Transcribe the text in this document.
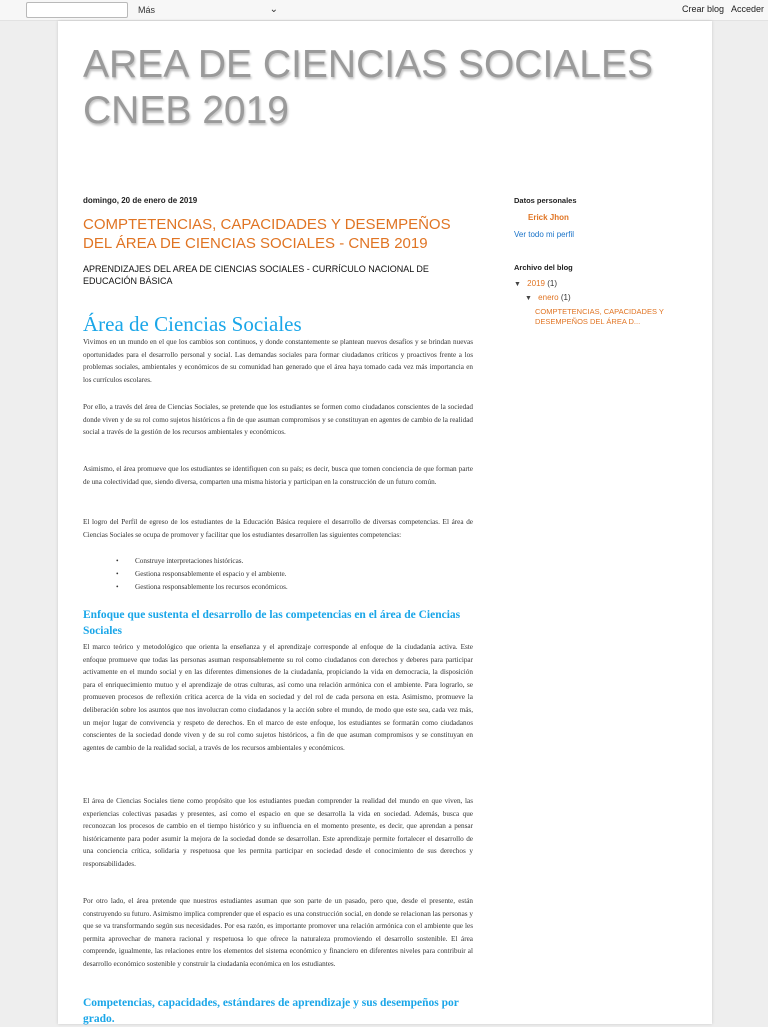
Más	⌄	Crear blog Acceder
AREA DE CIENCIAS SOCIALES CNEB 2019
domingo, 20 de enero de 2019
COMPTETENCIAS, CAPACIDADES Y DESEMPEÑOS DEL ÁREA DE CIENCIAS SOCIALES - CNEB 2019
APRENDIZAJES DEL AREA DE CIENCIAS SOCIALES - CURRÍCULO NACIONAL DE EDUCACIÓN BÁSICA
Área de Ciencias Sociales

Vivimos en un mundo en el que los cambios son continuos, y donde constantemente se plantean nuevos desafíos y se brindan nuevas oportunidades para el desarrollo personal y social. Las demandas sociales para formar ciudadanos críticos y proactivos frente a los problemas sociales, ambientales y económicos de su comunidad han generado que el área haya tomado cada vez más importancia en los currículos escolares.

Por ello, a través del área de Ciencias Sociales, se pretende que los estudiantes se formen como ciudadanos conscientes de la sociedad donde viven y de su rol como sujetos históricos a fin de que asuman compromisos y se constituyan en agentes de cambio de la realidad social a través de la gestión de los recursos ambientales y económicos.

Asimismo, el área promueve que los estudiantes se identifiquen con su país; es decir, busca que tomen conciencia de que forman parte de una colectividad que, siendo diversa, comparten una misma historia y participan en la construcción de un futuro común.

El logro del Perfil de egreso de los estudiantes de la Educación Básica requiere el desarrollo de diversas competencias. El área de Ciencias Sociales se ocupa de promover y facilitar que los estudiantes desarrollen las siguientes competencias:

• Construye interpretaciones históricas.
• Gestiona responsablemente el espacio y el ambiente.
• Gestiona responsablemente los recursos económicos.
Enfoque que sustenta el desarrollo de las competencias en el área de Ciencias Sociales

El marco teórico y metodológico que orienta la enseñanza y el aprendizaje corresponde al enfoque de la ciudadanía activa. Este enfoque promueve que todas las personas asuman responsablemente su rol como ciudadanos con derechos y deberes para participar activamente en el mundo social y en las diferentes dimensiones de la ciudadanía, propiciando la vida en democracia, la disposición para el enriquecimiento mutuo y el aprendizaje de otras culturas, así como una relación armónica con el ambiente. Para lograrlo, se promueven procesos de reflexión crítica acerca de la vida en sociedad y del rol de cada persona en esta. Asimismo, promueve la deliberación sobre los asuntos que nos involucran como ciudadanos y la acción sobre el mundo, de modo que este sea, cada vez más, un mejor lugar de convivencia y respeto de derechos. En el marco de este enfoque, los estudiantes se formarán como ciudadanos conscientes de la sociedad donde viven y de su rol como sujetos históricos, a fin de que asuman compromisos y se constituyan en agentes de cambio de la realidad social, a través de los recursos ambientales y económicos.

El área de Ciencias Sociales tiene como propósito que los estudiantes puedan comprender la realidad del mundo en que viven, las experiencias colectivas pasadas y presentes, así como el espacio en que se desarrolla la vida en sociedad. Además, busca que reconozcan los procesos de cambio en el tiempo histórico y su influencia en el momento presente, es decir, que aprendan a pensar históricamente para poder asumir la mejora de la sociedad donde se desarrollan. Este aprendizaje permite fortalecer el desarrollo de una conciencia crítica, solidaria y respetuosa que les permita participar en sociedad desde el conocimiento de sus derechos y responsabilidades.

Por otro lado, el área pretende que nuestros estudiantes asuman que son parte de un pasado, pero que, desde el presente, están construyendo su futuro. Asimismo implica comprender que el espacio es una construcción social, en donde se relacionan las personas y que se va transformando según sus necesidades. Por esa razón, es importante promover una relación armónica con el ambiente que les permita aprovechar de manera racional y respetuosa lo que ofrece la naturaleza promoviendo el desarrollo sostenible. El área comprende, igualmente, las relaciones entre los elementos del sistema económico y financiero en diferentes niveles para contribuir al desarrollo económico sostenible y construir la ciudadanía económica en los estudiantes.

Competencias, capacidades, estándares de aprendizaje y sus desempeños por grado.
Datos personales
Erick Jhon
Ver todo mi perfil
Archivo del blog
▼ 2019 (1)
▼ enero (1)
COMPTETENCIAS, CAPACIDADES Y DESEMPEÑOS DEL ÁREA D...
